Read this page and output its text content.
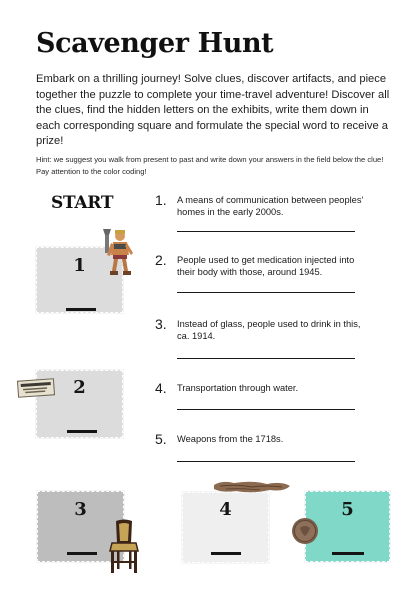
Scavenger Hunt
Embark on a thrilling journey! Solve clues, discover artifacts, and piece together the puzzle to complete your time-travel adventure! Discover all the clues, find the hidden letters on the exhibits, write them down in each corresponding square and formulate the special word to receive a prize!
Hint: we suggest you walk from present to past and write down your answers in the field below the clue! Pay attention to the color coding!
START
1
2
3	4	5
1. A means of communication between peoples' homes in the early 2000s.
2. People used to get medication injected into their body with those, around 1945.
3. Instead of glass, people used to drink in this, ca. 1914.
4. Transportation through water.
5. Weapons from the 1718s.
